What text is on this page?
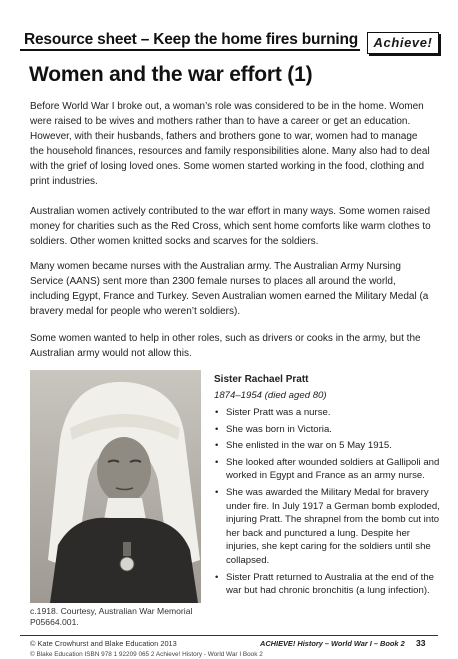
Resource sheet – Keep the home fires burning	Achieve!
Women and the war effort (1)

Before World War I broke out, a woman’s role was considered to be in the home. Women were raised to be wives and mothers rather than to have a career or get an education. However, with their husbands, fathers and brothers gone to war, women had to manage the household finances, resources and family responsibilities alone. Many also had to deal with the grief of losing loved ones. Some women started working in the food, clothing and print industries.

Australian women actively contributed to the war effort in many ways. Some women raised money for charities such as the Red Cross, which sent home comforts like warm clothes to soldiers. Other women knitted socks and scarves for the soldiers.

Many women became nurses with the Australian army. The Australian Army Nursing Service (AANS) sent more than 2300 female nurses to places all around the world, including Egypt, France and Turkey. Seven Australian women earned the Military Medal (a bravery medal for people who weren’t soldiers).

Some women wanted to help in other roles, such as drivers or cooks in the army, but the Australian army would not allow this.

c.1918. Courtesy, Australian War Memorial P05664.001.
Sister Rachael Pratt
1874–1954 (died aged 80)
• Sister Pratt was a nurse.
• She was born in Victoria.
• She enlisted in the war on 5 May 1915.
• She looked after wounded soldiers at Gallipoli and worked in Egypt and France as an army nurse.
• She was awarded the Military Medal for bravery under fire. In July 1917 a German bomb exploded, injuring Pratt. The shrapnel from the bomb cut into her back and punctured a lung. Despite her injuries, she kept caring for the soldiers until she collapsed.
• Sister Pratt returned to Australia at the end of the war but had chronic bronchitis (a lung infection).
© Kate Crowhurst and Blake Education 2013	ACHIEVE! History – World War I – Book 2 33
© Blake Education ISBN 978 1 92209 065 2 Achieve! History - World War I Book 2
